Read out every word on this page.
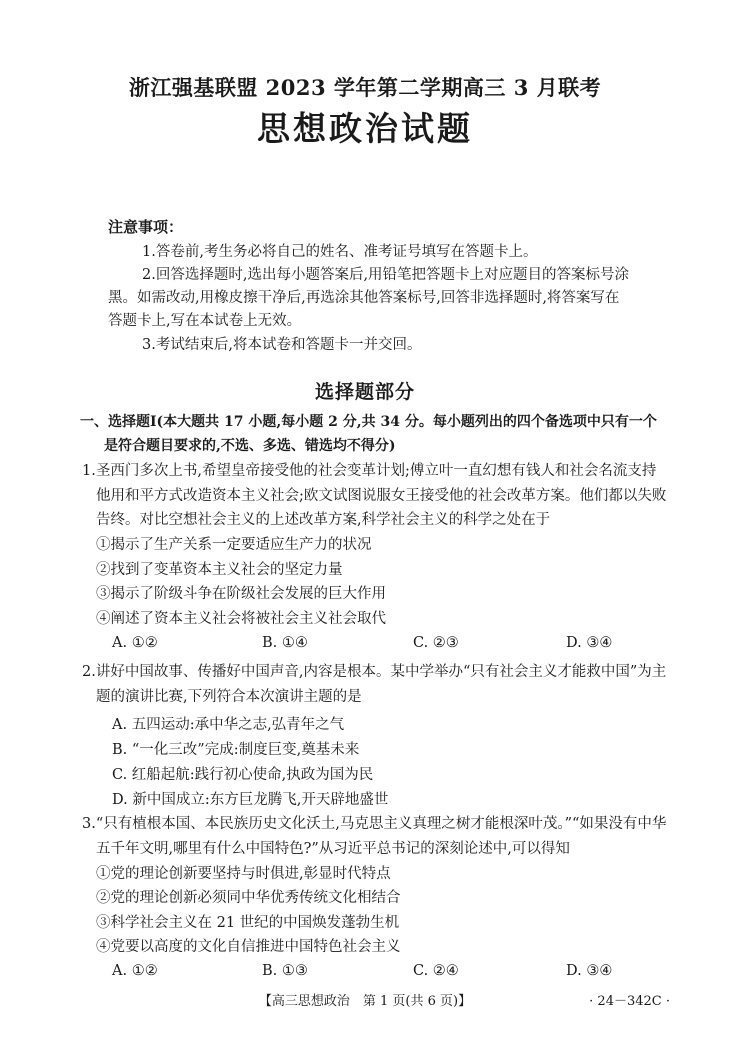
浙江强基联盟 2023 学年第二学期高三 3 月联考
思想政治试题
注意事项：
1.答卷前,考生务必将自己的姓名、准考证号填写在答题卡上。
2.回答选择题时,选出每小题答案后,用铅笔把答题卡上对应题目的答案标号涂
黑。如需改动,用橡皮擦干净后,再选涂其他答案标号,回答非选择题时,将答案写在
答题卡上,写在本试卷上无效。
3.考试结束后,将本试卷和答题卡一并交回。
选择题部分
一、选择题Ⅰ(本大题共 17 小题,每小题 2 分,共 34 分。每小题列出的四个备选项中只有一个
是符合题目要求的,不选、多选、错选均不得分)
1.圣西门多次上书,希望皇帝接受他的社会变革计划;傅立叶一直幻想有钱人和社会名流支持
他用和平方式改造资本主义社会;欧文试图说服女王接受他的社会改革方案。他们都以失败
告终。对比空想社会主义的上述改革方案,科学社会主义的科学之处在于
①揭示了生产关系一定要适应生产力的状况
②找到了变革资本主义社会的坚定力量
③揭示了阶级斗争在阶级社会发展的巨大作用
④阐述了资本主义社会将被社会主义社会取代
A. ①②	B. ①④	C. ②③	D. ③④
2.讲好中国故事、传播好中国声音,内容是根本。某中学举办“只有社会主义才能救中国”为主
题的演讲比赛,下列符合本次演讲主题的是
A. 五四运动:承中华之志,弘青年之气
B. “一化三改”完成:制度巨变,奠基未来
C. 红船起航:践行初心使命,执政为国为民
D. 新中国成立:东方巨龙腾飞,开天辟地盛世
3.“只有植根本国、本民族历史文化沃土,马克思主义真理之树才能根深叶茂。”“如果没有中华
五千年文明,哪里有什么中国特色?”从习近平总书记的深刻论述中,可以得知
①党的理论创新要坚持与时俱进,彰显时代特点
②党的理论创新必须同中华优秀传统文化相结合
③科学社会主义在 21 世纪的中国焕发蓬勃生机
④党要以高度的文化自信推进中国特色社会主义
A. ①②	B. ①③	C. ②④	D. ③④
【高三思想政治　第 1 页(共 6 页)】	· 24－342C ·
